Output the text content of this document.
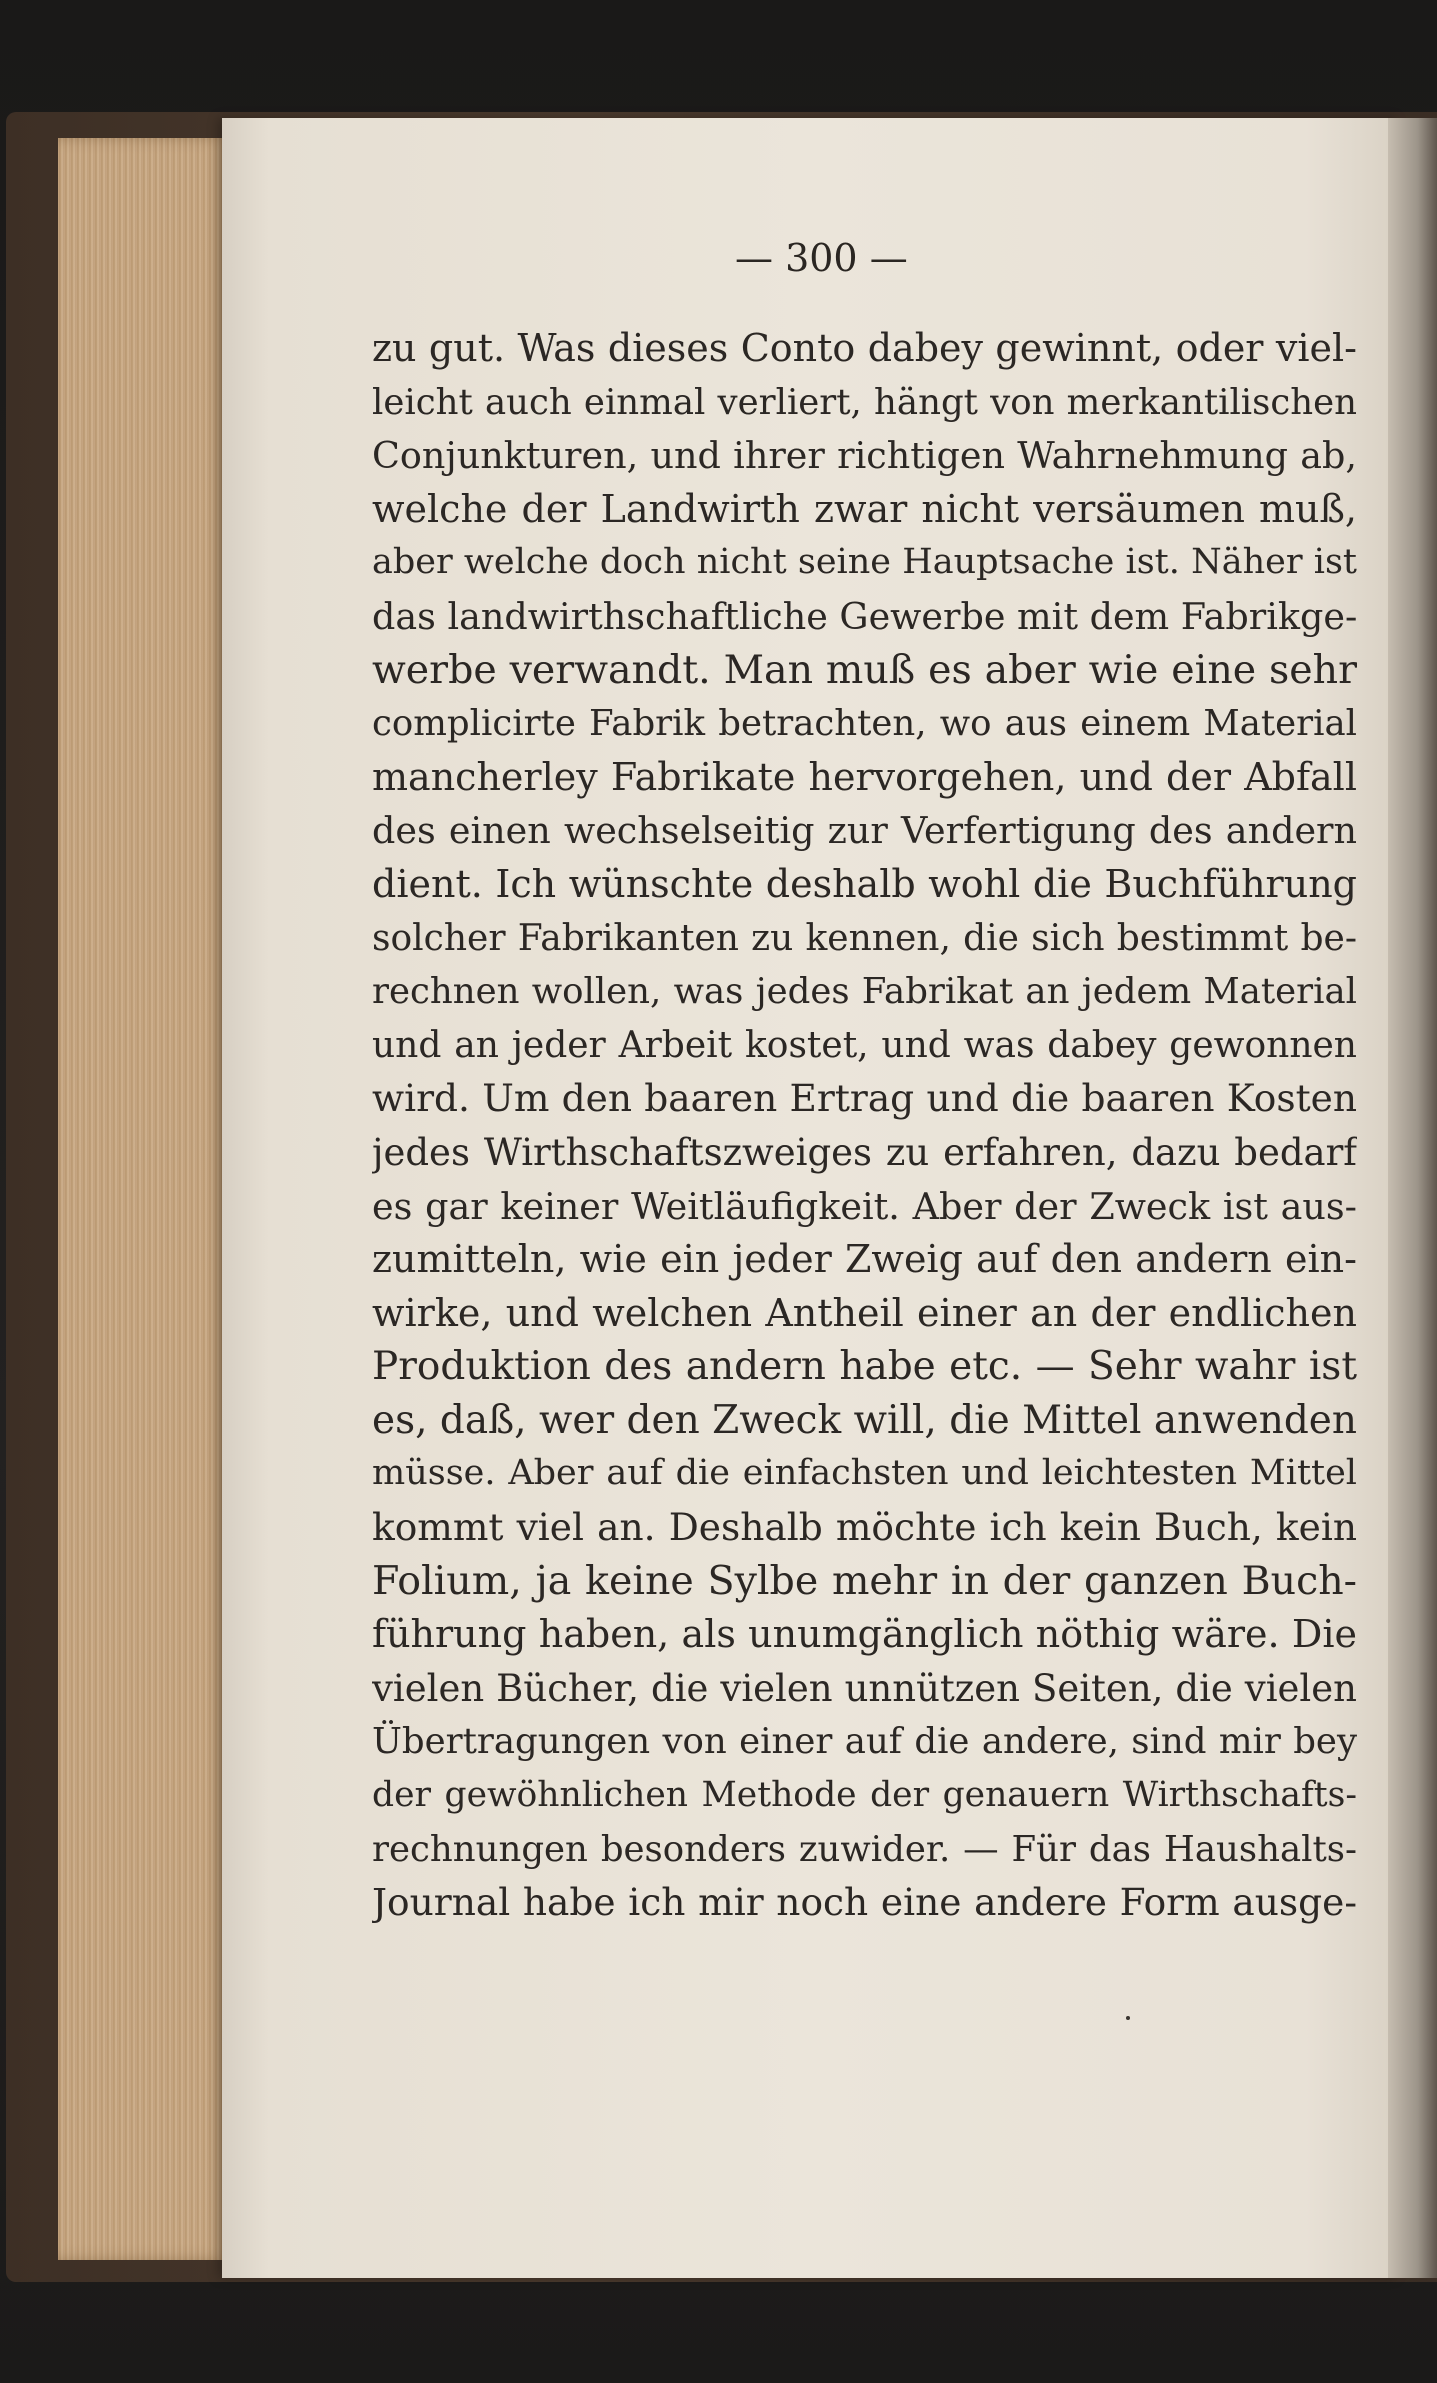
— 300 —
zu gut. Was dieses Conto dabey gewinnt, oder viel-
leicht auch einmal verliert, hängt von merkantilischen
Conjunkturen, und ihrer richtigen Wahrnehmung ab,
welche der Landwirth zwar nicht versäumen muß,
aber welche doch nicht seine Hauptsache ist. Näher ist
das landwirthschaftliche Gewerbe mit dem Fabrikge-
werbe verwandt. Man muß es aber wie eine sehr
complicirte Fabrik betrachten, wo aus einem Material
mancherley Fabrikate hervorgehen, und der Abfall
des einen wechselseitig zur Verfertigung des andern
dient. Ich wünschte deshalb wohl die Buchführung
solcher Fabrikanten zu kennen, die sich bestimmt be-
rechnen wollen, was jedes Fabrikat an jedem Material
und an jeder Arbeit kostet, und was dabey gewonnen
wird. Um den baaren Ertrag und die baaren Kosten
jedes Wirthschaftszweiges zu erfahren, dazu bedarf
es gar keiner Weitläufigkeit. Aber der Zweck ist aus-
zumitteln, wie ein jeder Zweig auf den andern ein-
wirke, und welchen Antheil einer an der endlichen
Produktion des andern habe etc. — Sehr wahr ist
es, daß, wer den Zweck will, die Mittel anwenden
müsse. Aber auf die einfachsten und leichtesten Mittel
kommt viel an. Deshalb möchte ich kein Buch, kein
Folium, ja keine Sylbe mehr in der ganzen Buch-
führung haben, als unumgänglich nöthig wäre. Die
vielen Bücher, die vielen unnützen Seiten, die vielen
Übertragungen von einer auf die andere, sind mir bey
der gewöhnlichen Methode der genauern Wirthschafts-
rechnungen besonders zuwider. — Für das Haushalts-
Journal habe ich mir noch eine andere Form ausge-
